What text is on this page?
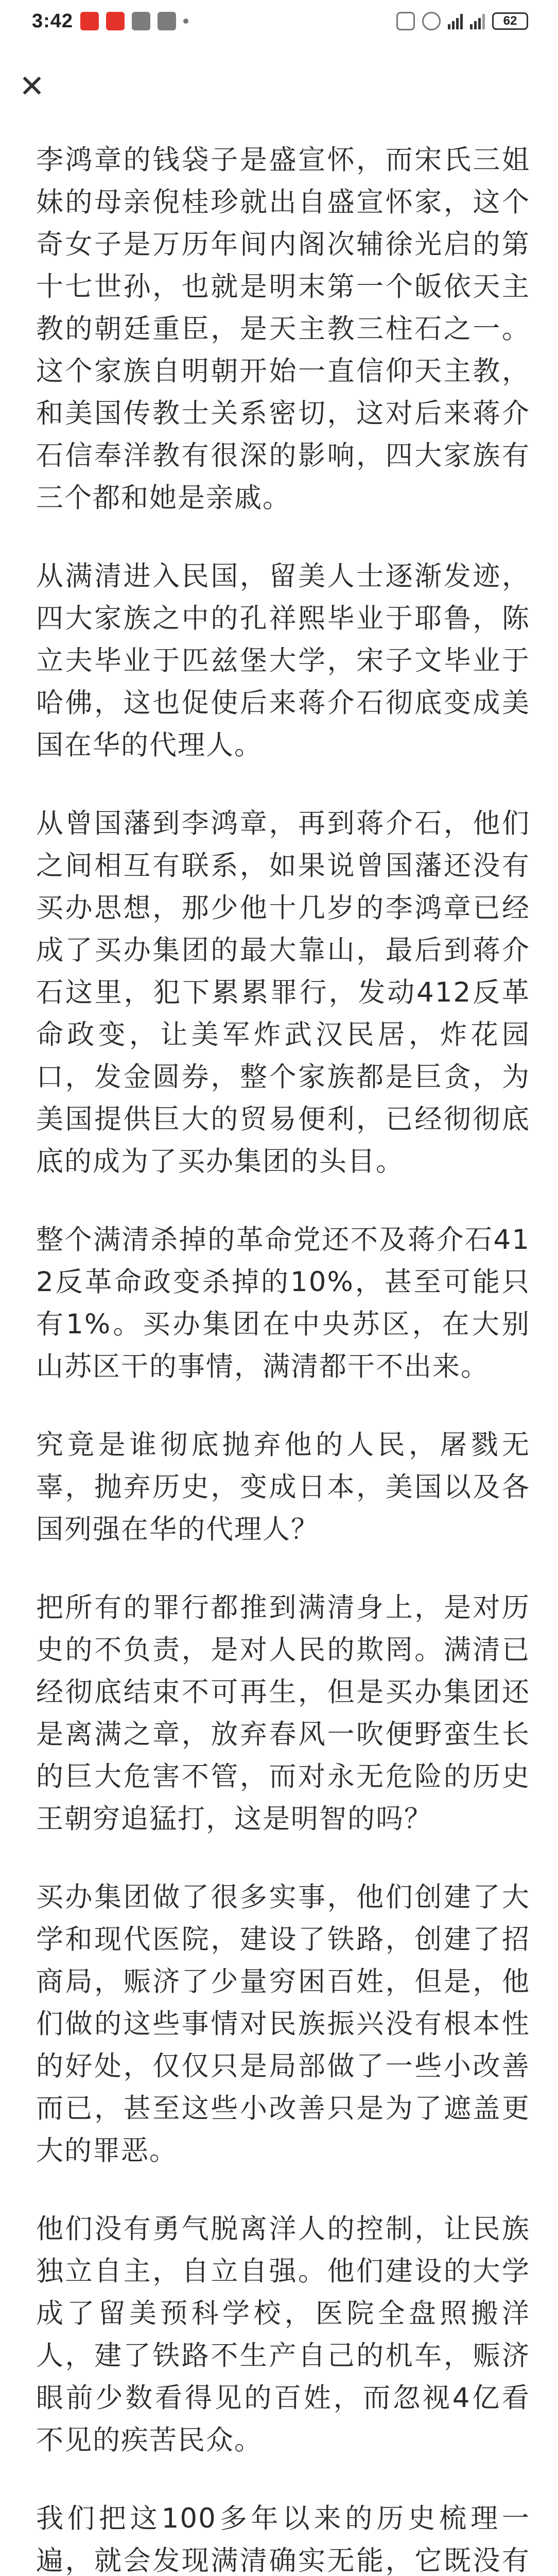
3:42	62
✕

李鸿章的钱袋子是盛宣怀，而宋氏三姐妹的母亲倪桂珍就出自盛宣怀家，这个奇女子是万历年间内阁次辅徐光启的第十七世孙，也就是明末第一个皈依天主教的朝廷重臣，是天主教三柱石之一。这个家族自明朝开始一直信仰天主教，和美国传教士关系密切，这对后来蒋介石信奉洋教有很深的影响，四大家族有三个都和她是亲戚。

从满清进入民国，留美人士逐渐发迹，四大家族之中的孔祥熙毕业于耶鲁，陈立夫毕业于匹兹堡大学，宋子文毕业于哈佛，这也促使后来蒋介石彻底变成美国在华的代理人。

从曾国藩到李鸿章，再到蒋介石，他们之间相互有联系，如果说曾国藩还没有买办思想，那少他十几岁的李鸿章已经成了买办集团的最大靠山，最后到蒋介石这里，犯下累累罪行，发动412反革命政变，让美军炸武汉民居，炸花园口，发金圆券，整个家族都是巨贪，为美国提供巨大的贸易便利，已经彻彻底底的成为了买办集团的头目。

整个满清杀掉的革命党还不及蒋介石412反革命政变杀掉的10%，甚至可能只有1%。买办集团在中央苏区，在大别山苏区干的事情，满清都干不出来。

究竟是谁彻底抛弃他的人民，屠戮无辜，抛弃历史，变成日本，美国以及各国列强在华的代理人？

把所有的罪行都推到满清身上，是对历史的不负责，是对人民的欺罔。满清已经彻底结束不可再生，但是买办集团还是离满之章，放弃春风一吹便野蛮生长的巨大危害不管，而对永无危险的历史王朝穷追猛打，这是明智的吗？

买办集团做了很多实事，他们创建了大学和现代医院，建设了铁路，创建了招商局，赈济了少量穷困百姓，但是，他们做的这些事情对民族振兴没有根本性的好处，仅仅只是局部做了一些小改善而已，甚至这些小改善只是为了遮盖更大的罪恶。

他们没有勇气脱离洋人的控制，让民族独立自主，自立自强。他们建设的大学成了留美预科学校，医院全盘照搬洋人，建了铁路不生产自己的机车，赈济眼前少数看得见的百姓，而忽视4亿看不见的疾苦民众。

我们把这100多年以来的历史梳理一遍，就会发现满清确实无能，它既没有
